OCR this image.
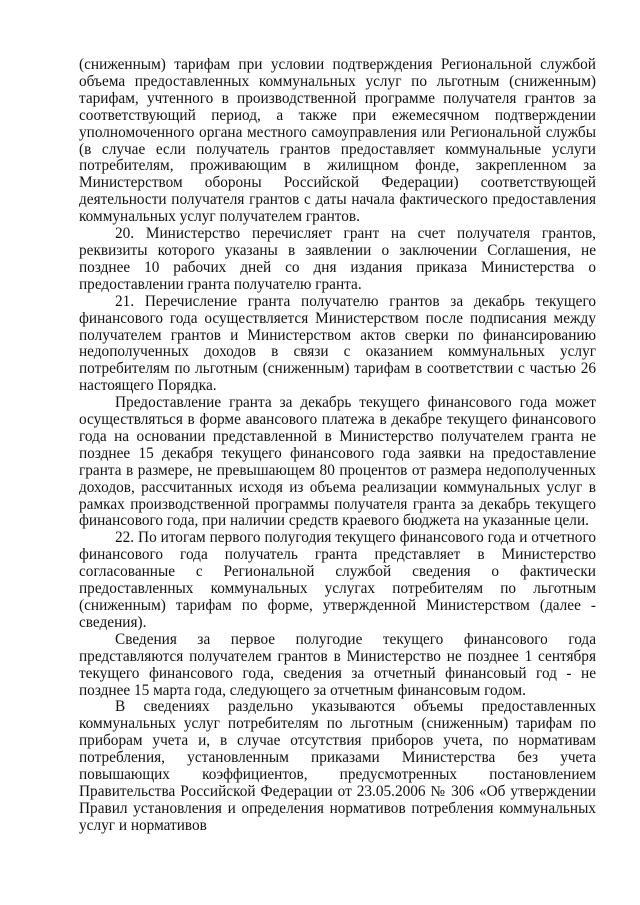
(сниженным) тарифам при условии подтверждения Региональной службой объема предоставленных коммунальных услуг по льготным (сниженным) тарифам, учтенного в производственной программе получателя грантов за соответствующий период, а также при ежемесячном подтверждении уполномоченного органа местного самоуправления или Региональной службы (в случае если получатель грантов предоставляет коммунальные услуги потребителям, проживающим в жилищном фонде, закрепленном за Министерством обороны Российской Федерации) соответствующей деятельности получателя грантов с даты начала фактического предоставления коммунальных услуг получателем грантов.

20. Министерство перечисляет грант на счет получателя грантов, реквизиты которого указаны в заявлении о заключении Соглашения, не позднее 10 рабочих дней со дня издания приказа Министерства о предоставлении гранта получателю гранта.

21. Перечисление гранта получателю грантов за декабрь текущего финансового года осуществляется Министерством после подписания между получателем грантов и Министерством актов сверки по финансированию недополученных доходов в связи с оказанием коммунальных услуг потребителям по льготным (сниженным) тарифам в соответствии с частью 26 настоящего Порядка.

Предоставление гранта за декабрь текущего финансового года может осуществляться в форме авансового платежа в декабре текущего финансового года на основании представленной в Министерство получателем гранта не позднее 15 декабря текущего финансового года заявки на предоставление гранта в размере, не превышающем 80 процентов от размера недополученных доходов, рассчитанных исходя из объема реализации коммунальных услуг в рамках производственной программы получателя гранта за декабрь текущего финансового года, при наличии средств краевого бюджета на указанные цели.

22. По итогам первого полугодия текущего финансового года и отчетного финансового года получатель гранта представляет в Министерство согласованные с Региональной службой сведения о фактически предоставленных коммунальных услугах потребителям по льготным (сниженным) тарифам по форме, утвержденной Министерством (далее - сведения).

Сведения за первое полугодие текущего финансового года представляются получателем грантов в Министерство не позднее 1 сентября текущего финансового года, сведения за отчетный финансовый год - не позднее 15 марта года, следующего за отчетным финансовым годом.

В сведениях раздельно указываются объемы предоставленных коммунальных услуг потребителям по льготным (сниженным) тарифам по приборам учета и, в случае отсутствия приборов учета, по нормативам потребления, установленным приказами Министерства без учета повышающих коэффициентов, предусмотренных постановлением Правительства Российской Федерации от 23.05.2006 № 306 «Об утверждении Правил установления и определения нормативов потребления коммунальных услуг и нормативов
